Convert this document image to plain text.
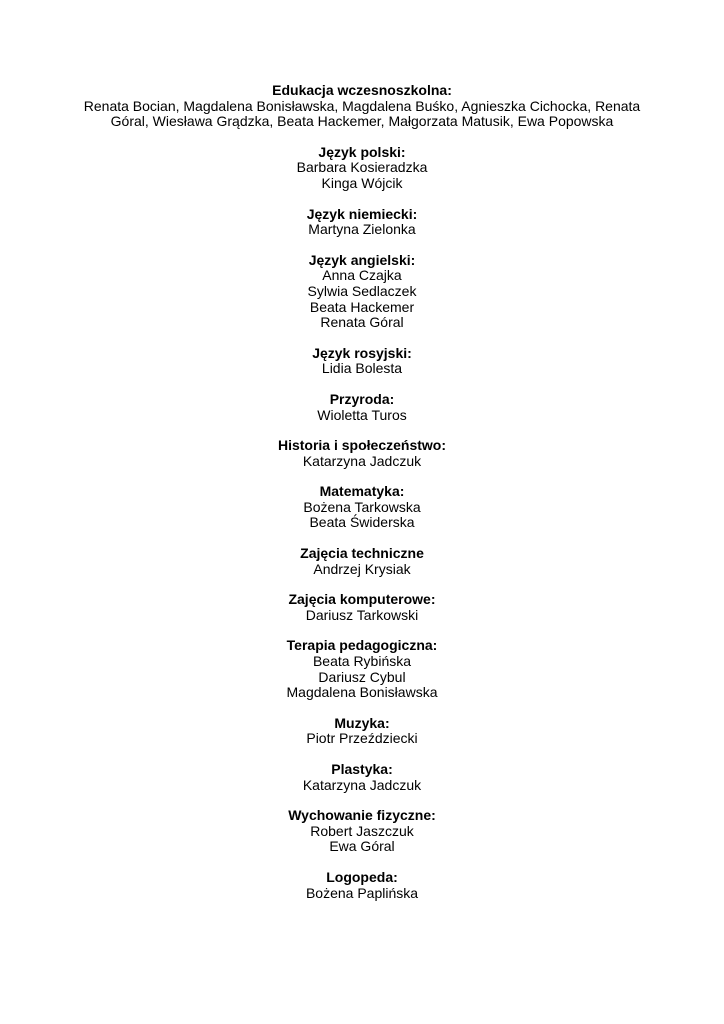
Edukacja wczesnoszkolna:
Renata Bocian, Magdalena Bonisławska, Magdalena Buśko, Agnieszka Cichocka, Renata Góral, Wiesława Grądzka, Beata Hackemer, Małgorzata Matusik, Ewa Popowska
Język polski:
Barbara Kosieradzka
Kinga Wójcik
Język niemiecki:
Martyna Zielonka
Język angielski:
Anna Czajka
Sylwia Sedlaczek
Beata Hackemer
Renata Góral
Język rosyjski:
Lidia Bolesta
Przyroda:
Wioletta Turos
Historia i społeczeństwo:
Katarzyna Jadczuk
Matematyka:
Bożena Tarkowska
Beata Świderska
Zajęcia techniczne
Andrzej Krysiak
Zajęcia komputerowe:
Dariusz Tarkowski
Terapia pedagogiczna:
Beata Rybińska
Dariusz Cybul
Magdalena Bonisławska
Muzyka:
Piotr Przeździecki
Plastyka:
Katarzyna Jadczuk
Wychowanie fizyczne:
Robert Jaszczuk
Ewa Góral
Logopeda:
Bożena Paplińska
